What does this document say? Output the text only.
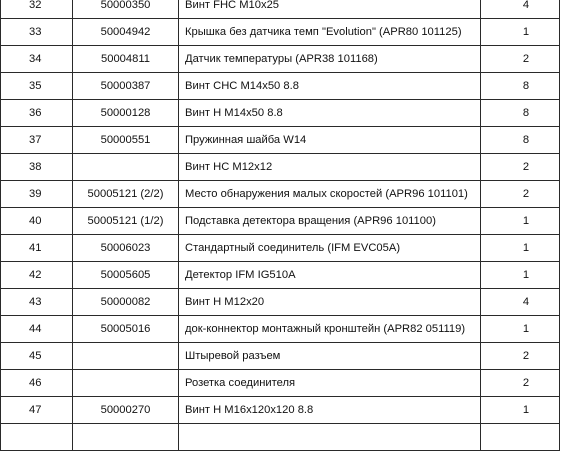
32	50000350	Винт FHC M10x25	4
33	50004942	Крышка без датчика темп "Evolution" (APR80 101125)	1
34	50004811	Датчик температуры (APR38 101168)	2
35	50000387	Винт CHC M14x50 8.8	8
36	50000128	Винт H M14x50 8.8	8
37	50000551	Пружинная шайба W14	8
38		Винт HC M12x12	2
39	50005121 (2/2)	Место обнаружения малых скоростей (APR96 101101)	2
40	50005121 (1/2)	Подставка детектора вращения (APR96 101100)	1
41	50006023	Стандартный соединитель (IFM EVC05A)	1
42	50005605	Детектор IFM IG510A	1
43	50000082	Винт H M12x20	4
44	50005016	док-коннектор монтажный кронштейн (APR82 051119)	1
45		Штыревой разъем	2
46		Розетка соединителя	2
47	50000270	Винт H M16x120x120 8.8	1
